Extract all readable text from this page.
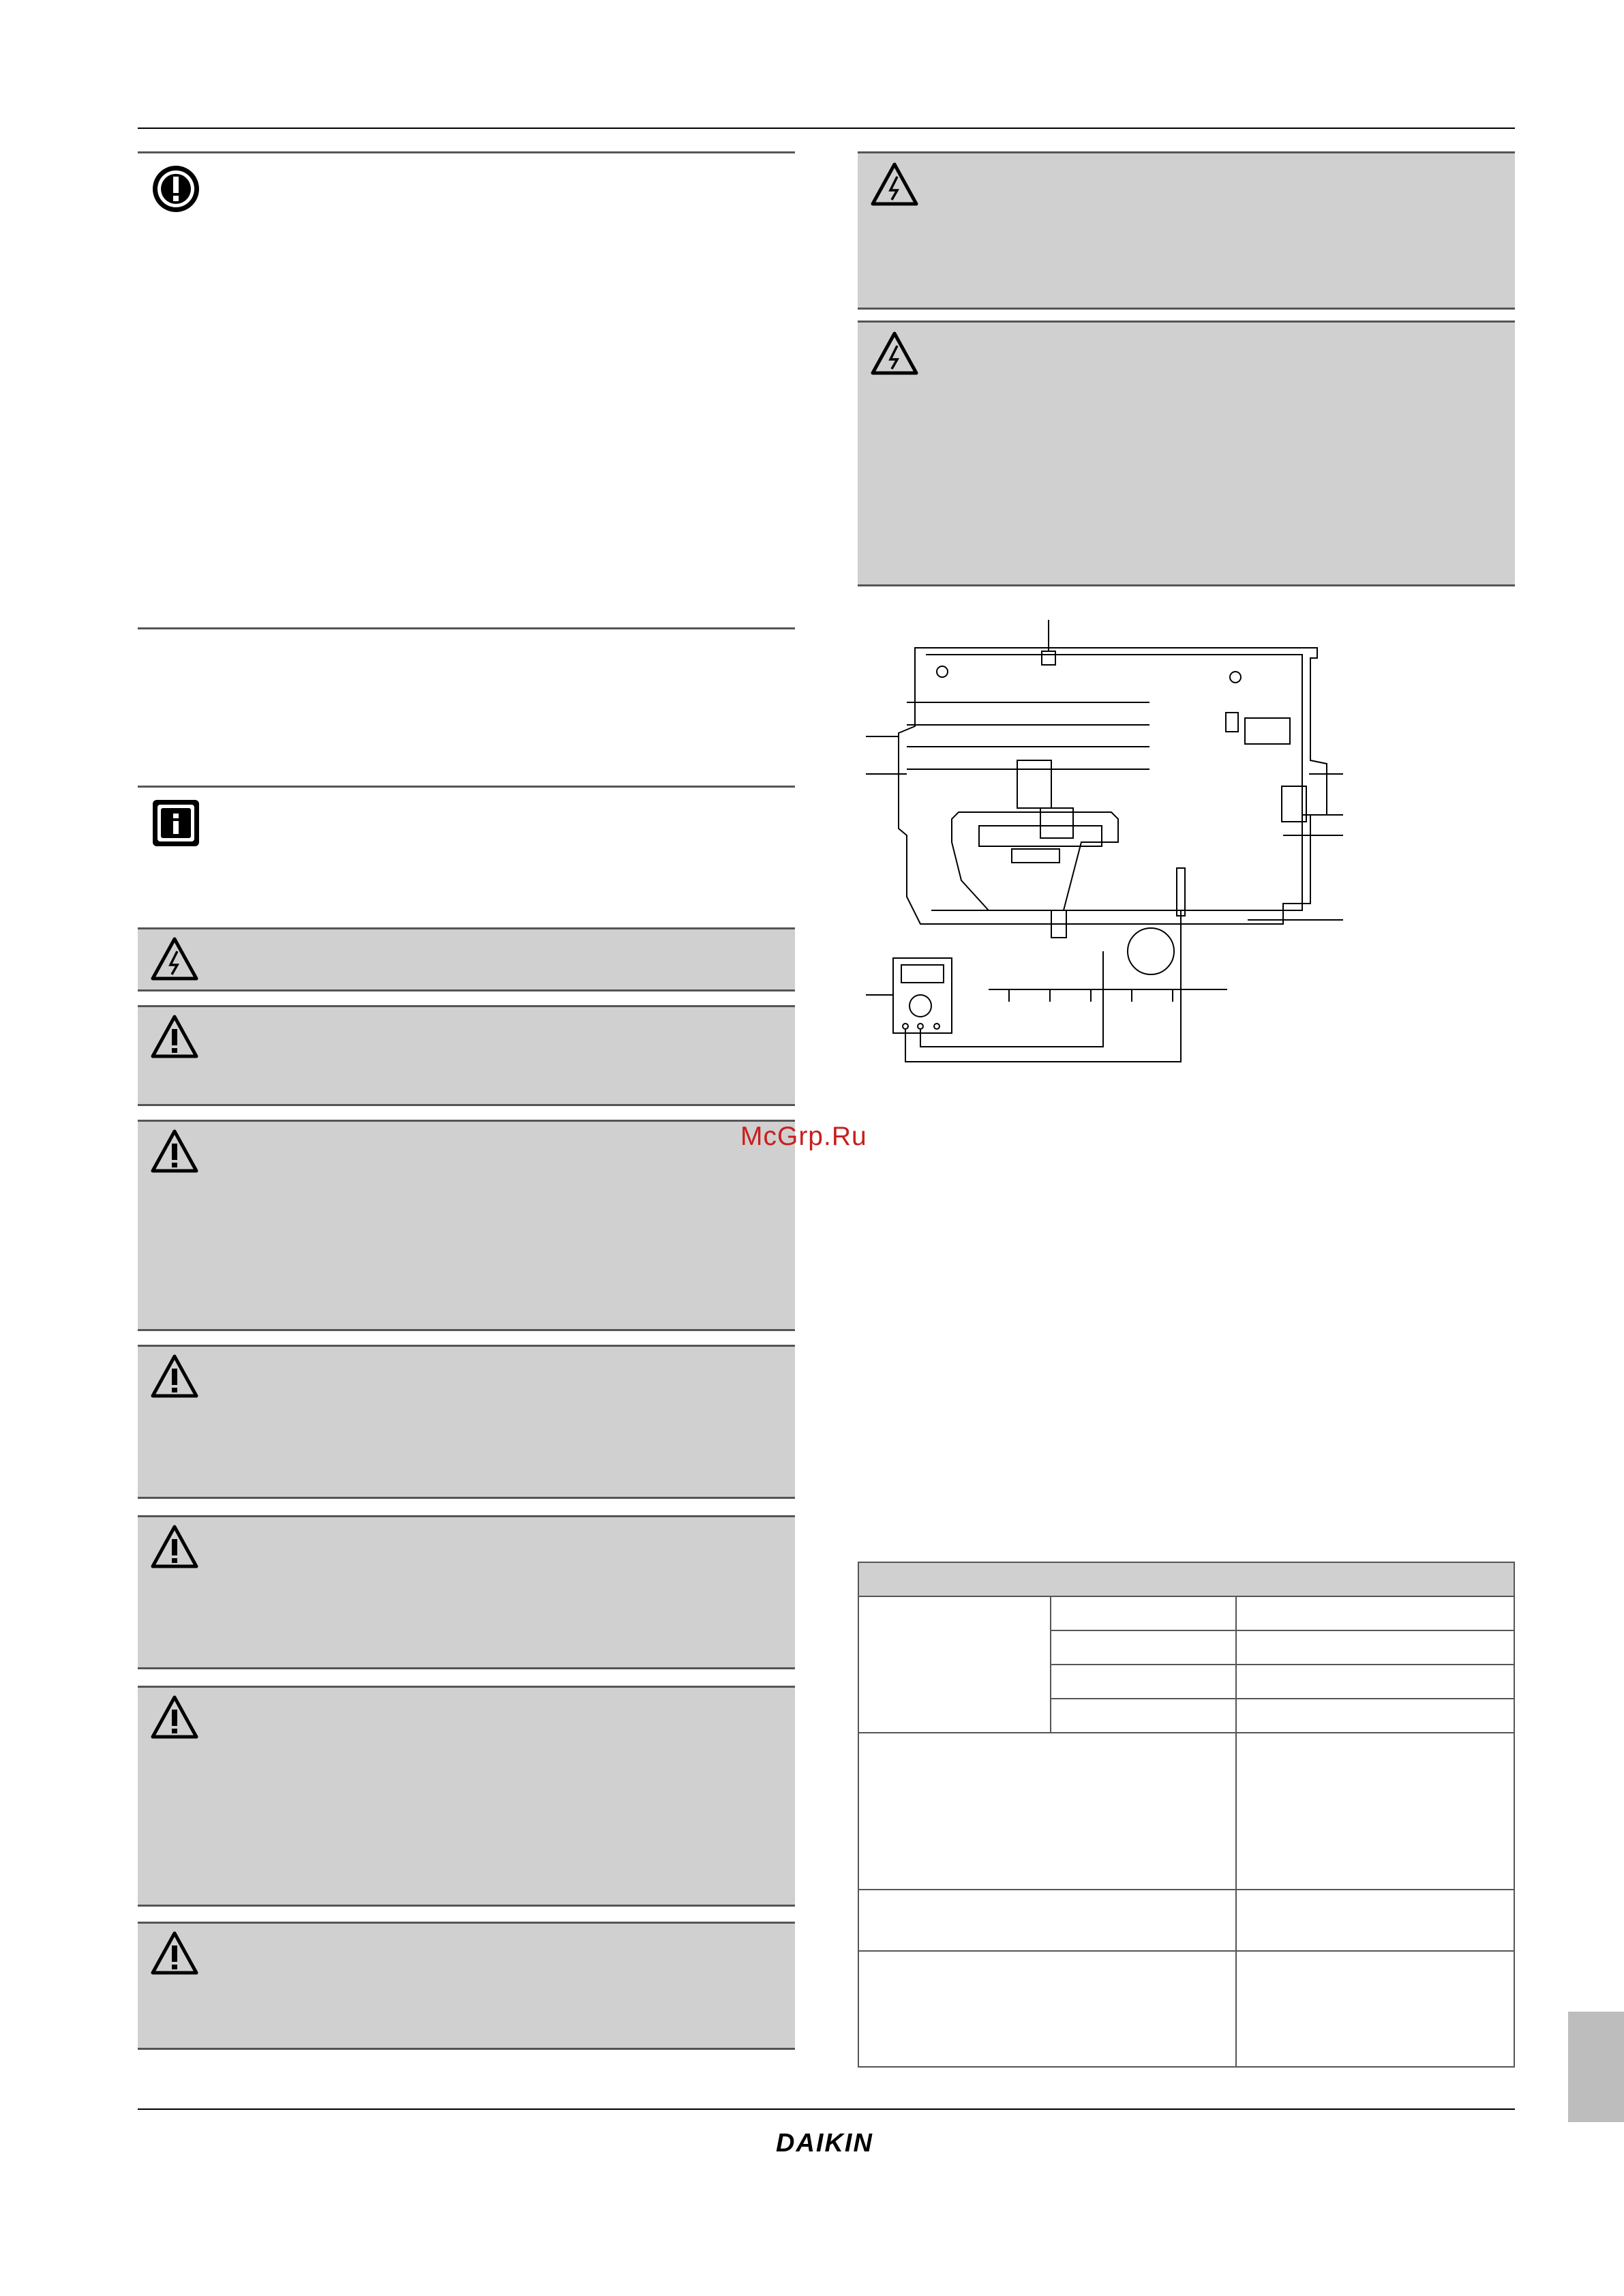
McGrp.Ru

DAIKIN
